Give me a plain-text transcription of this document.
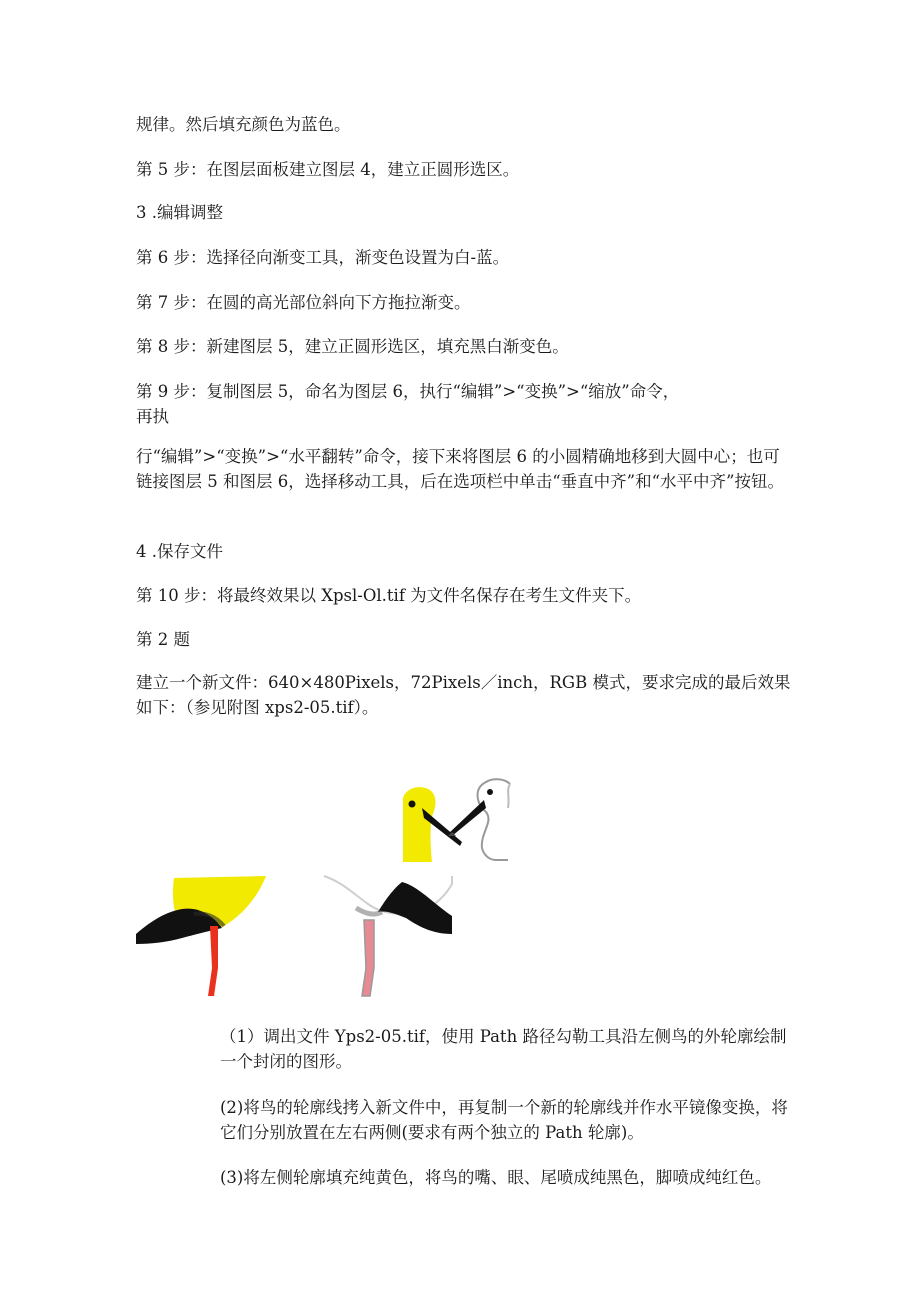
规律。然后填充颜色为蓝色。
第 5 步：在图层面板建立图层 4，建立正圆形选区。
3 .编辑调整
第 6 步：选择径向渐变工具，渐变色设置为白-蓝。
第 7 步：在圆的高光部位斜向下方拖拉渐变。
第 8 步：新建图层 5，建立正圆形选区，填充黑白渐变色。
第 9 步：复制图层 5，命名为图层 6，执行“编辑”>“变换”>“缩放”命令，
再执
行“编辑”>“变换”>“水平翻转”命令，接下来将图层 6 的小圆精确地移到大圆中心；也可链接图层 5 和图层 6，选择移动工具，后在选项栏中单击“垂直中齐”和“水平中齐”按钮。
4 .保存文件
第 10 步：将最终效果以 Xpsl-Ol.tif 为文件名保存在考生文件夹下。
第 2 题
建立一个新文件：640×480Pixels，72Pixels／inch，RGB 模式，要求完成的最后效果如下：（参见附图 xps2-05.tif）。
（1）调出文件 Yps2-05.tif，使用 Path 路径勾勒工具沿左侧鸟的外轮廓绘制一个封闭的图形。
(2)将鸟的轮廓线拷入新文件中，再复制一个新的轮廓线并作水平镜像变换，将它们分别放置在左右两侧(要求有两个独立的 Path 轮廓)。
(3)将左侧轮廓填充纯黄色，将鸟的嘴、眼、尾喷成纯黑色，脚喷成纯红色。
